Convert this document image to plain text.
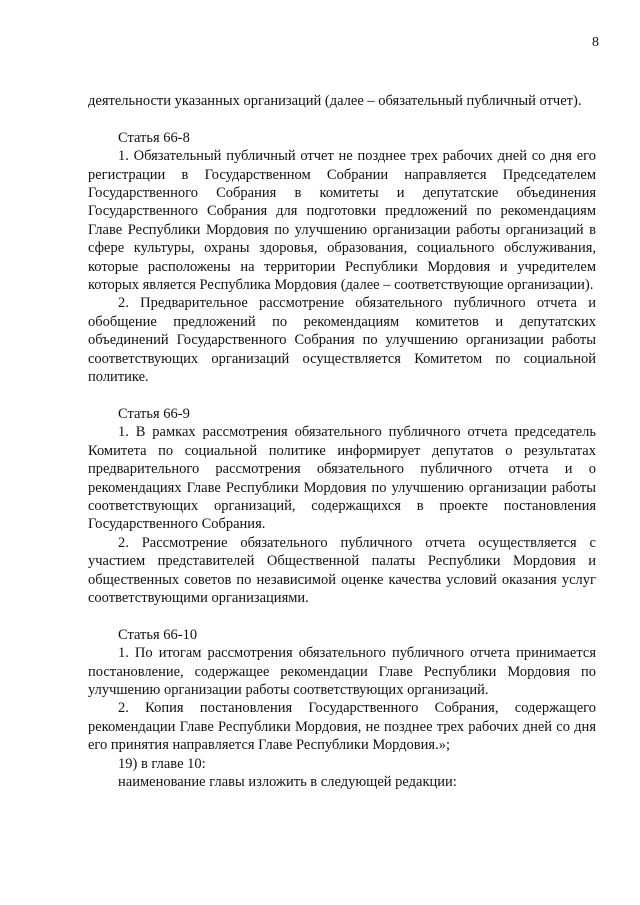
8

деятельности указанных организаций (далее – обязательный публичный отчет).

Статья 66-8

1. Обязательный публичный отчет не позднее трех рабочих дней со дня его регистрации в Государственном Собрании направляется Председателем Государственного Собрания в комитеты и депутатские объединения Государственного Собрания для подготовки предложений по рекомендациям Главе Республики Мордовия по улучшению организации работы организаций в сфере культуры, охраны здоровья, образования, социального обслуживания, которые расположены на территории Республики Мордовия и учредителем которых является Республика Мордовия (далее – соответствующие организации).

2. Предварительное рассмотрение обязательного публичного отчета и обобщение предложений по рекомендациям комитетов и депутатских объединений Государственного Собрания по улучшению организации работы соответствующих организаций осуществляется Комитетом по социальной политике.

Статья 66-9

1. В рамках рассмотрения обязательного публичного отчета председатель Комитета по социальной политике информирует депутатов о результатах предварительного рассмотрения обязательного публичного отчета и о рекомендациях Главе Республики Мордовия по улучшению организации работы соответствующих организаций, содержащихся в проекте постановления Государственного Собрания.

2. Рассмотрение обязательного публичного отчета осуществляется с участием представителей Общественной палаты Республики Мордовия и общественных советов по независимой оценке качества условий оказания услуг соответствующими организациями.

Статья 66-10

1. По итогам рассмотрения обязательного публичного отчета принимается постановление, содержащее рекомендации Главе Республики Мордовия по улучшению организации работы соответствующих организаций.

2. Копия постановления Государственного Собрания, содержащего рекомендации Главе Республики Мордовия, не позднее трех рабочих дней со дня его принятия направляется Главе Республики Мордовия.»;

19) в главе 10:

наименование главы изложить в следующей редакции:
